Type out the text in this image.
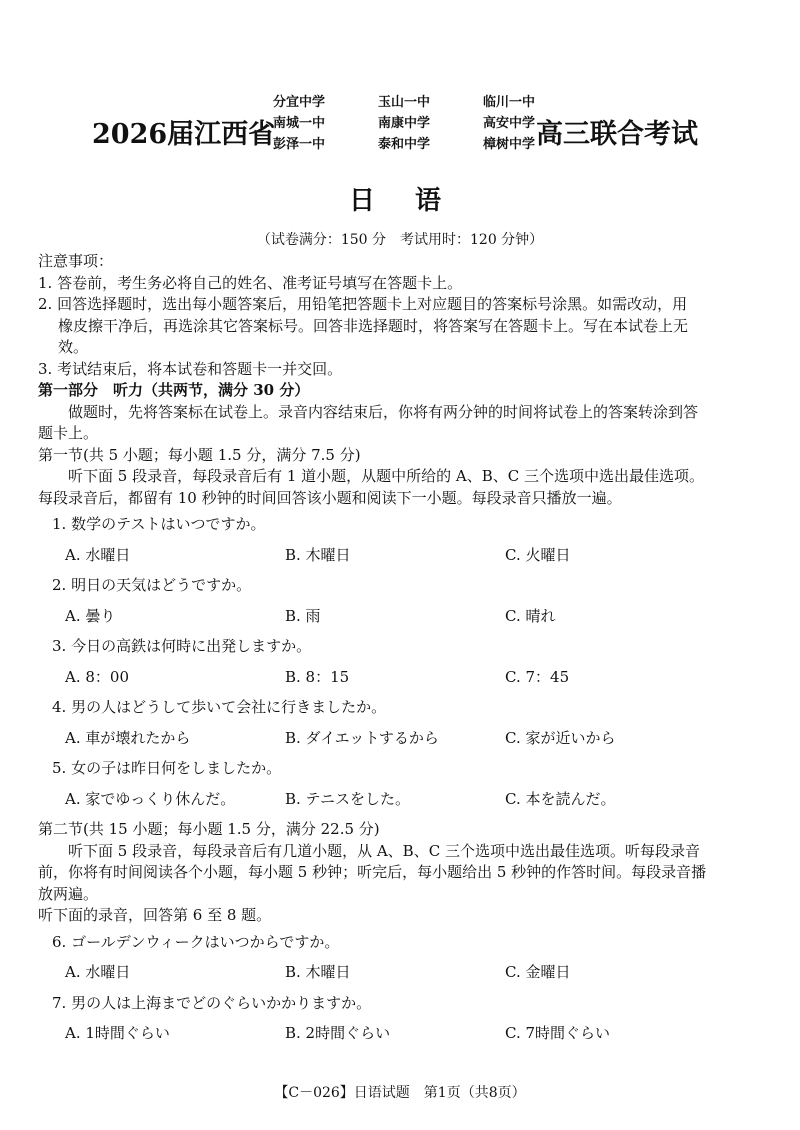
2026届江西省
分宜中学	玉山一中	临川一中
南城一中	南康中学	高安中学
彭泽一中	泰和中学	樟树中学 高三联合考试
日语
（试卷满分：150 分　考试用时：120 分钟）
注意事项：
1. 答卷前，考生务必将自己的姓名、准考证号填写在答题卡上。
2. 回答选择题时，选出每小题答案后，用铅笔把答题卡上对应题目的答案标号涂黑。如需改动，用
橡皮擦干净后，再选涂其它答案标号。回答非选择题时，将答案写在答题卡上。写在本试卷上无
效。
3. 考试结束后，将本试卷和答题卡一并交回。
第一部分　听力（共两节，满分 30 分）
做题时，先将答案标在试卷上。录音内容结束后，你将有两分钟的时间将试卷上的答案转涂到答
题卡上。
第一节(共 5 小题；每小题 1.5 分，满分 7.5 分)
听下面 5 段录音，每段录音后有 1 道小题，从题中所给的 A、B、C 三个选项中选出最佳选项。
每段录音后，都留有 10 秒钟的时间回答该小题和阅读下一小题。每段录音只播放一遍。
1. 数学のテストはいつですか。
A. 水曜日	B. 木曜日	C. 火曜日
2. 明日の天気はどうですか。
A. 曇り	B. 雨	C. 晴れ
3. 今日の高鉄は何時に出発しますか。
A. 8：00	B. 8：15	C. 7：45
4. 男の人はどうして歩いて会社に行きましたか。
A. 車が壊れたから	B. ダイエットするから	C. 家が近いから
5. 女の子は昨日何をしましたか。
A. 家でゆっくり休んだ。	B. テニスをした。	C. 本を読んだ。
第二节(共 15 小题；每小题 1.5 分，满分 22.5 分)
听下面 5 段录音，每段录音后有几道小题，从 A、B、C 三个选项中选出最佳选项。听每段录音
前，你将有时间阅读各个小题，每小题 5 秒钟；听完后，每小题给出 5 秒钟的作答时间。每段录音播
放两遍。
听下面的录音，回答第 6 至 8 题。
6. ゴールデンウィークはいつからですか。
A. 水曜日	B. 木曜日	C. 金曜日
7. 男の人は上海までどのぐらいかかりますか。
A. 1時間ぐらい	B. 2時間ぐらい	C. 7時間ぐらい
【C－026】日语试题　第1页（共8页）
